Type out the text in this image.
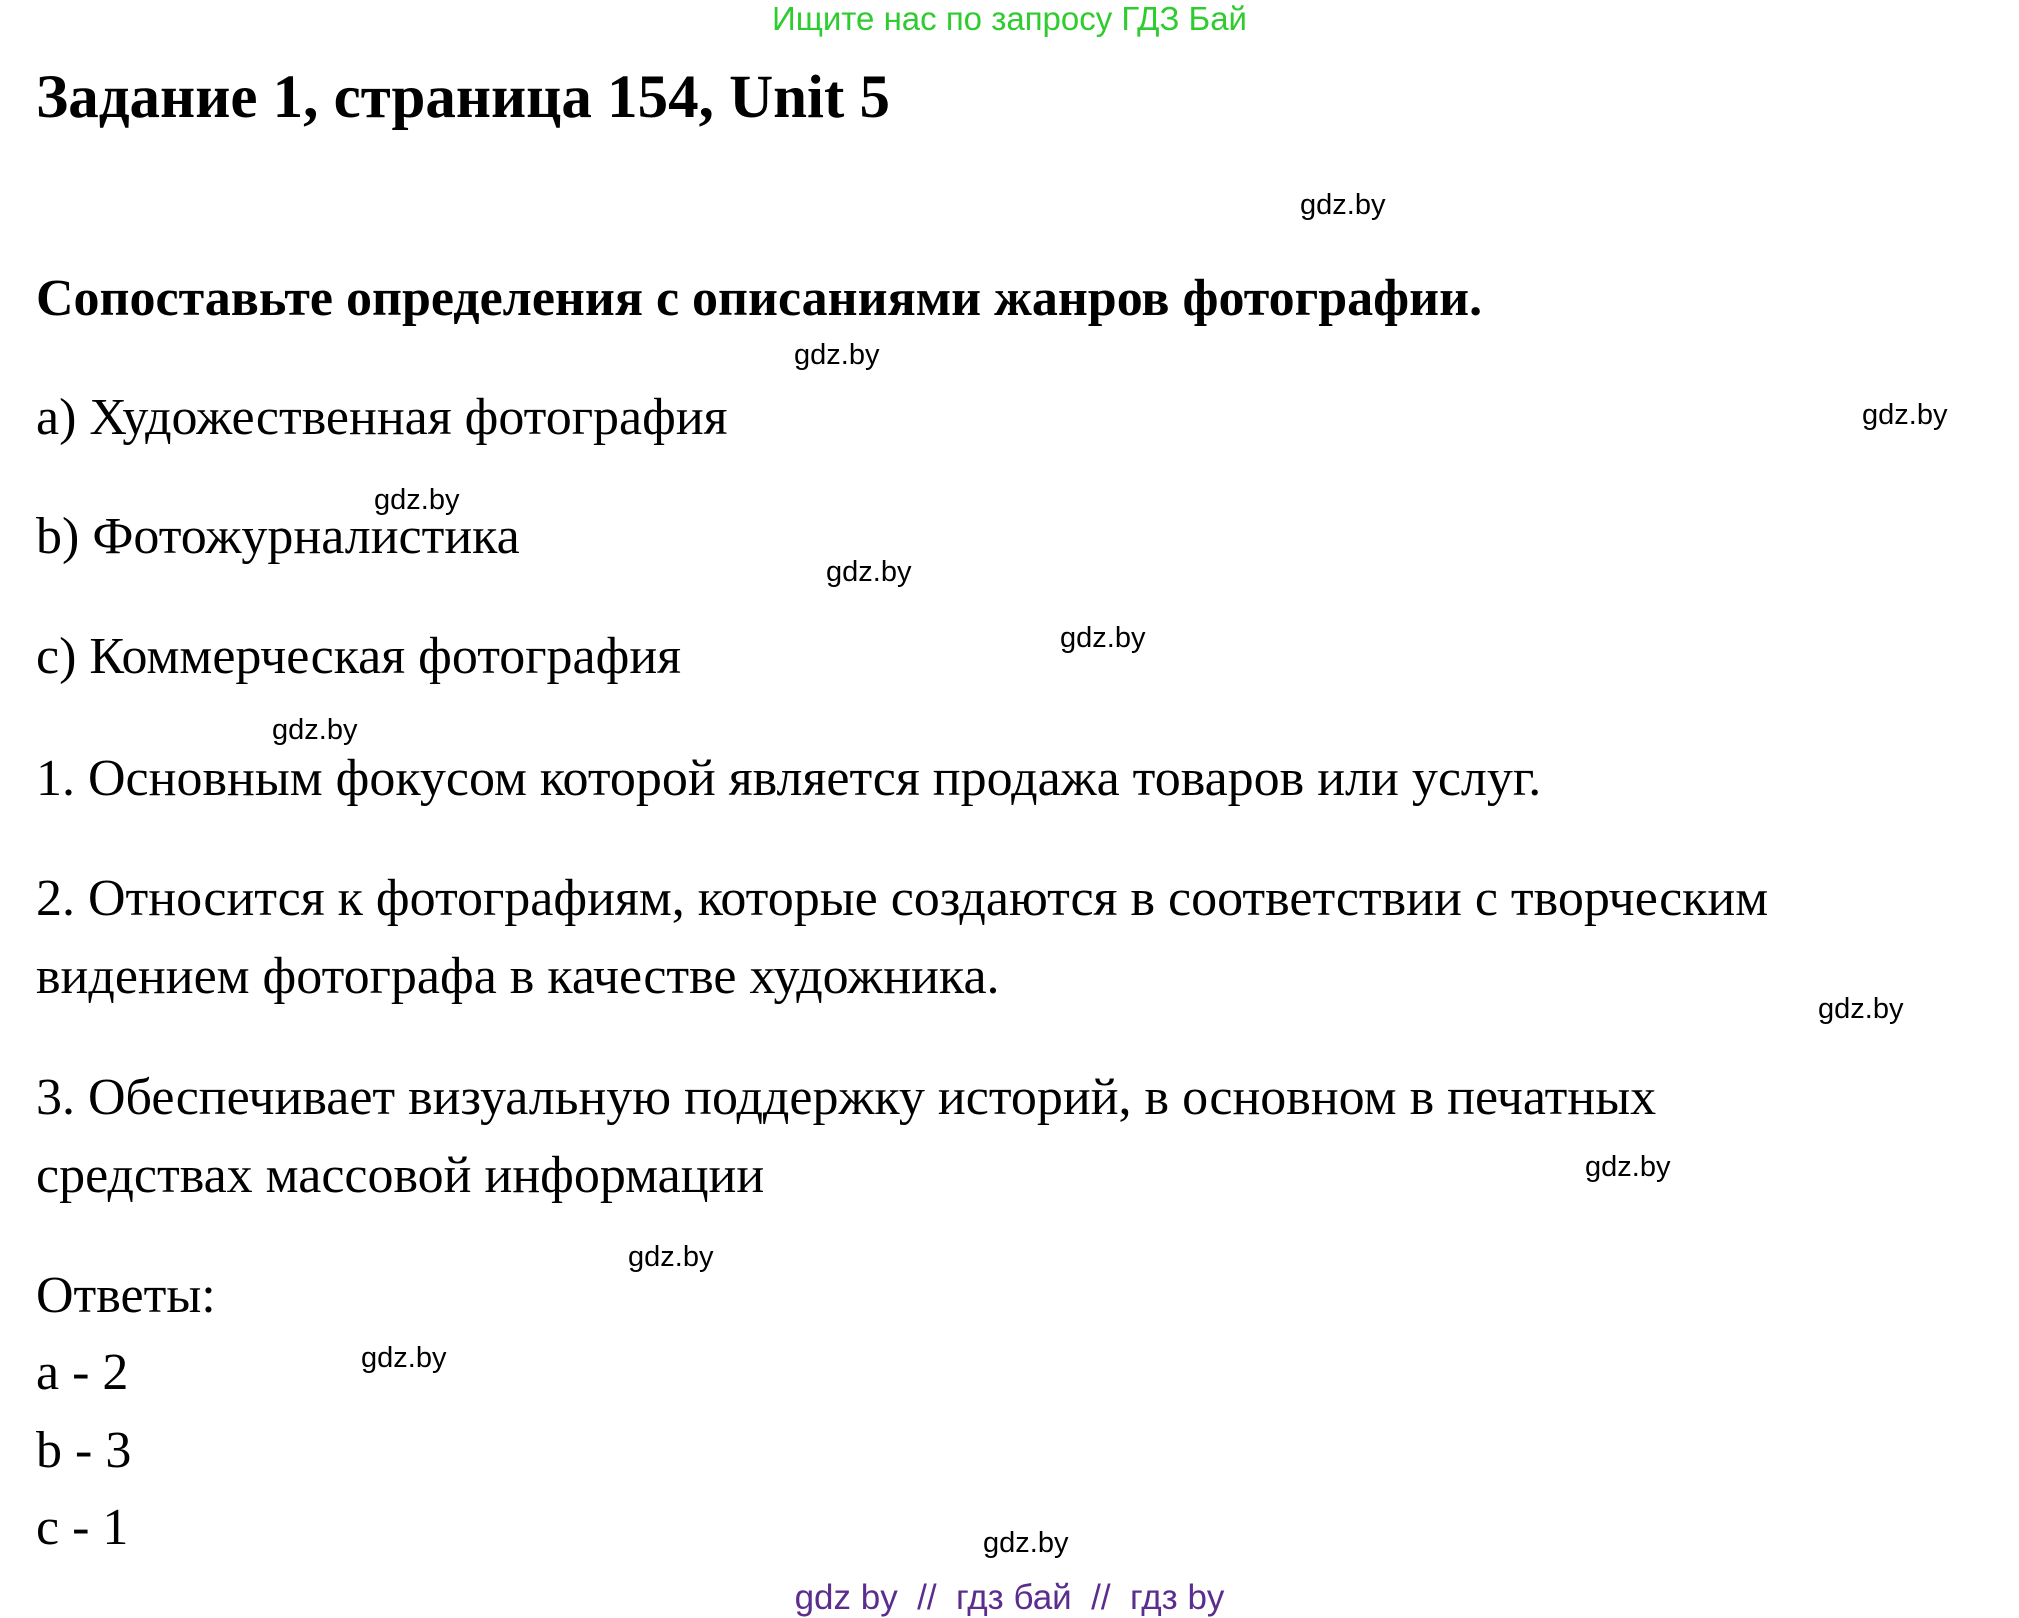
Ищите нас по запросу ГДЗ Бай
Задание 1, страница 154, Unit 5
gdz.by
Сопоставьте определения с описаниями жанров фотографии.
gdz.by
a) Художественная фотография	gdz.by
gdz.by
b) Фотожурналистика
gdz.by
gdz.by
c) Коммерческая фотография
gdz.by
1. Основным фокусом которой является продажа товаров или услуг.
2. Относится к фотографиям, которые создаются в соответствии с творческим
видением фотографа в качестве художника.
gdz.by
3. Обеспечивает визуальную поддержку историй, в основном в печатных
средствах массовой информации	gdz.by
gdz.by
Ответы:
gdz.by
a - 2
b - 3
c - 1	gdz.by
gdz by  //  гдз бай  //  гдз by
